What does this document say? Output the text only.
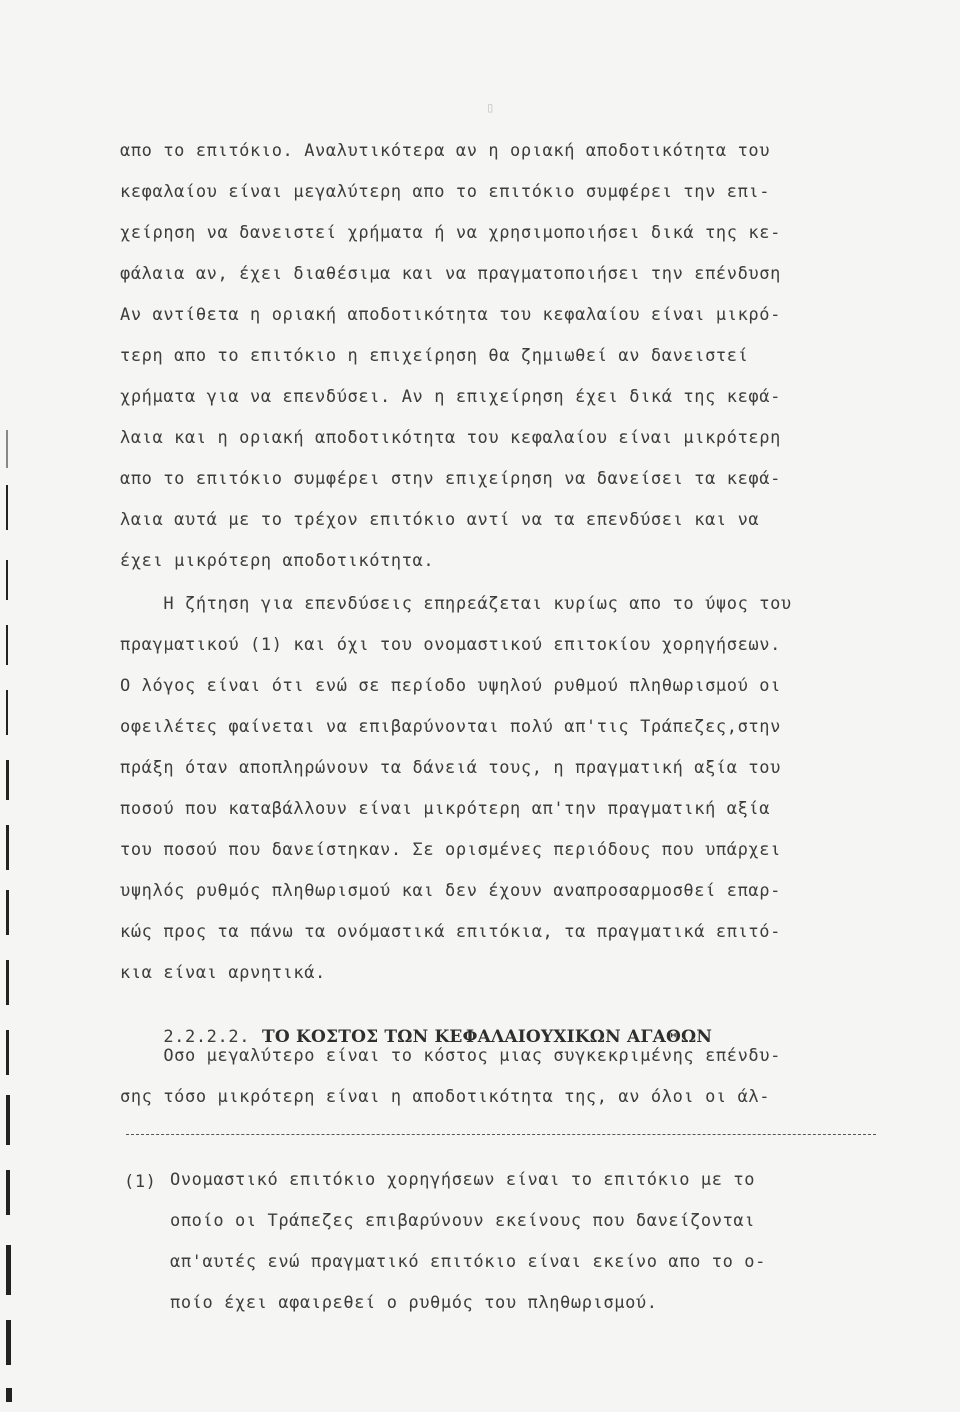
▯
απο το επιτόκιο. Αναλυτικότερα αν η οριακή αποδοτικότητα του
κεφαλαίου είναι μεγαλύτερη απο το επιτόκιο συμφέρει την επι-
χείρηση να δανειστεί χρήματα ή να χρησιμοποιήσει δικά της κε-
φάλαια αν, έχει διαθέσιμα και να πραγματοποιήσει την επένδυση
Αν αντίθετα η οριακή αποδοτικότητα του κεφαλαίου είναι μικρό-
τερη απο το επιτόκιο η επιχείρηση θα ζημιωθεί αν δανειστεί
χρήματα για να επενδύσει. Αν η επιχείρηση έχει δικά της κεφά-
λαια και η οριακή αποδοτικότητα του κεφαλαίου είναι μικρότερη
απο το επιτόκιο συμφέρει στην επιχείρηση να δανείσει τα κεφά-
λαια αυτά με το τρέχον επιτόκιο αντί να τα επενδύσει και να
έχει μικρότερη αποδοτικότητα.
Η ζήτηση για επενδύσεις επηρεάζεται κυρίως απο το ύψος του
πραγματικού (1) και όχι του ονομαστικού επιτοκίου χορηγήσεων.
Ο λόγος είναι ότι ενώ σε περίοδο υψηλού ρυθμού πληθωρισμού οι
οφειλέτες φαίνεται να επιβαρύνονται πολύ απ'τις Τράπεζες,στην
πράξη όταν αποπληρώνουν τα δάνειά τους, η πραγματική αξία του
ποσού που καταβάλλουν είναι μικρότερη απ'την πραγματική αξία
του ποσού που δανείστηκαν. Σε ορισμένες περιόδους που υπάρχει
υψηλός ρυθμός πληθωρισμού και δεν έχουν αναπροσαρμοσθεί επαρ-
κώς προς τα πάνω τα ονόμαστικά επιτόκια, τα πραγματικά επιτό-
κια είναι αρνητικά.

2.2.2.2. ΤΟ ΚΟΣΤΟΣ ΤΩΝ ΚΕΦΑΛΑΙΟΥΧΙΚΩΝ ΑΓΑΘΩΝ

Οσο μεγαλύτερο είναι το κόστος μιας συγκεκριμένης επένδυ-
σης τόσο μικρότερη είναι η αποδοτικότητα της, αν όλοι οι άλ-
(1) Ονομαστικό επιτόκιο χορηγήσεων είναι το επιτόκιο με το
οποίο οι Τράπεζες επιβαρύνουν εκείνους που δανείζονται
απ'αυτές ενώ πραγματικό επιτόκιο είναι εκείνο απο το ο-
ποίο έχει αφαιρεθεί ο ρυθμός του πληθωρισμού.
